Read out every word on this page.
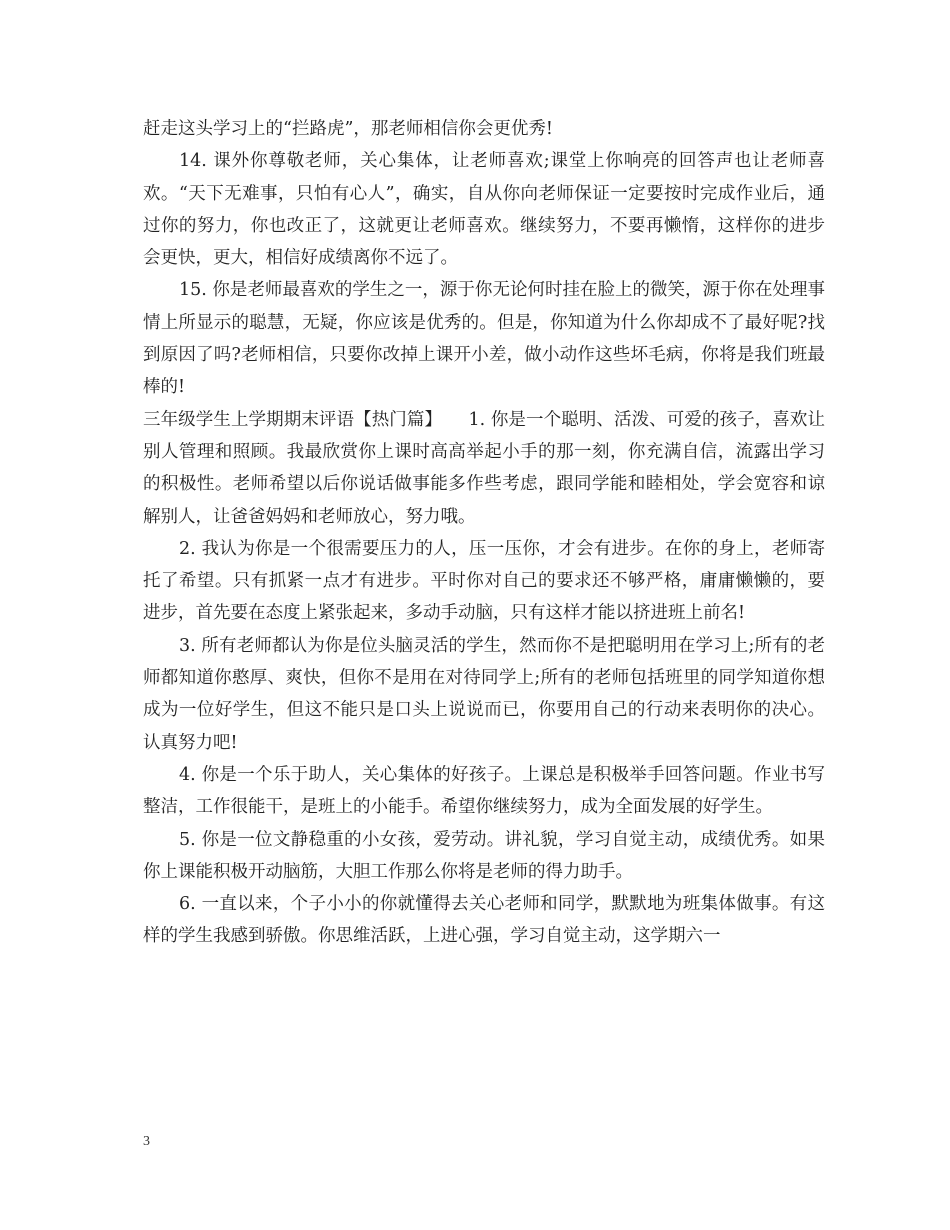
赶走这头学习上的“拦路虎”，那老师相信你会更优秀!

14. 课外你尊敬老师，关心集体，让老师喜欢;课堂上你响亮的回答声也让老师喜欢。“天下无难事，只怕有心人”，确实，自从你向老师保证一定要按时完成作业后，通过你的努力，你也改正了，这就更让老师喜欢。继续努力，不要再懒惰，这样你的进步会更快，更大，相信好成绩离你不远了。

15. 你是老师最喜欢的学生之一，源于你无论何时挂在脸上的微笑，源于你在处理事情上所显示的聪慧，无疑，你应该是优秀的。但是，你知道为什么你却成不了最好呢?找到原因了吗?老师相信，只要你改掉上课开小差，做小动作这些坏毛病，你将是我们班最棒的!

三年级学生上学期期末评语【热门篇】　　1. 你是一个聪明、活泼、可爱的孩子，喜欢让别人管理和照顾。我最欣赏你上课时高高举起小手的那一刻，你充满自信，流露出学习的积极性。老师希望以后你说话做事能多作些考虑，跟同学能和睦相处，学会宽容和谅解别人，让爸爸妈妈和老师放心，努力哦。

2. 我认为你是一个很需要压力的人，压一压你，才会有进步。在你的身上，老师寄托了希望。只有抓紧一点才有进步。平时你对自己的要求还不够严格，庸庸懒懒的，要进步，首先要在态度上紧张起来，多动手动脑，只有这样才能以挤进班上前名!

3. 所有老师都认为你是位头脑灵活的学生，然而你不是把聪明用在学习上;所有的老师都知道你憨厚、爽快，但你不是用在对待同学上;所有的老师包括班里的同学知道你想成为一位好学生，但这不能只是口头上说说而已，你要用自己的行动来表明你的决心。认真努力吧!

4. 你是一个乐于助人，关心集体的好孩子。上课总是积极举手回答问题。作业书写整洁，工作很能干，是班上的小能手。希望你继续努力，成为全面发展的好学生。

5. 你是一位文静稳重的小女孩，爱劳动。讲礼貌，学习自觉主动，成绩优秀。如果你上课能积极开动脑筋，大胆工作那么你将是老师的得力助手。

6. 一直以来，个子小小的你就懂得去关心老师和同学，默默地为班集体做事。有这样的学生我感到骄傲。你思维活跃，上进心强，学习自觉主动，这学期六一

3
